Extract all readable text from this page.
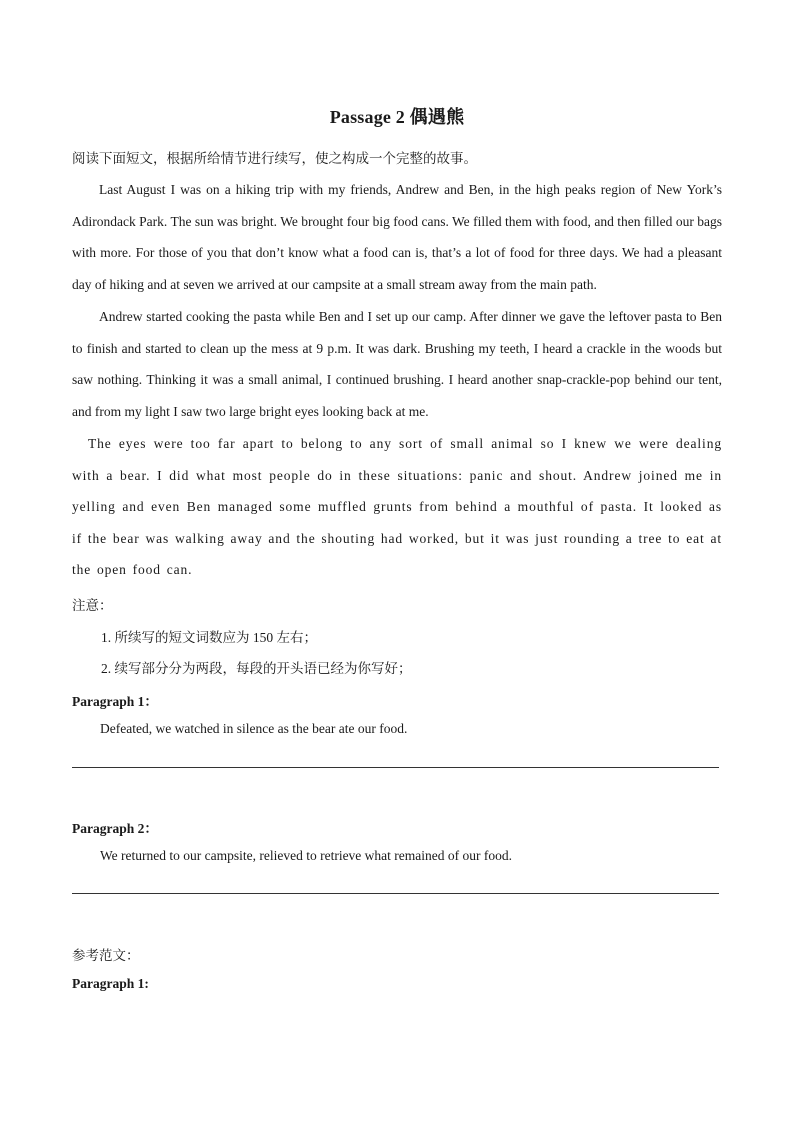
Passage 2 偶遇熊
阅读下面短文，根据所给情节进行续写，使之构成一个完整的故事。

Last August I was on a hiking trip with my friends, Andrew and Ben, in the high peaks region of New York’s Adirondack Park. The sun was bright. We brought four big food cans. We filled them with food, and then filled our bags with more. For those of you that don’t know what a food can is, that’s a lot of food for three days. We had a pleasant day of hiking and at seven we arrived at our campsite at a small stream away from the main path.

Andrew started cooking the pasta while Ben and I set up our camp. After dinner we gave the leftover pasta to Ben to finish and started to clean up the mess at 9 p.m. It was dark. Brushing my teeth, I heard a crackle in the woods but saw nothing. Thinking it was a small animal, I continued brushing. I heard another snap-crackle-pop behind our tent, and from my light I saw two large bright eyes looking back at me.

The eyes were too far apart to belong to any sort of small animal so I knew we were dealing with a bear. I did what most people do in these situations: panic and shout. Andrew joined me in yelling and even Ben managed some muffled grunts from behind a mouthful of pasta. It looked as if the bear was walking away and the shouting had worked, but it was just rounding a tree to eat at the open food can.

注意：
1. 所续写的短文词数应为 150 左右；
2. 续写部分分为两段，每段的开头语已经为你写好；
Paragraph 1：
Defeated, we watched in silence as the bear ate our food.
Paragraph 2：
We returned to our campsite, relieved to retrieve what remained of our food.
参考范文：
Paragraph 1:
